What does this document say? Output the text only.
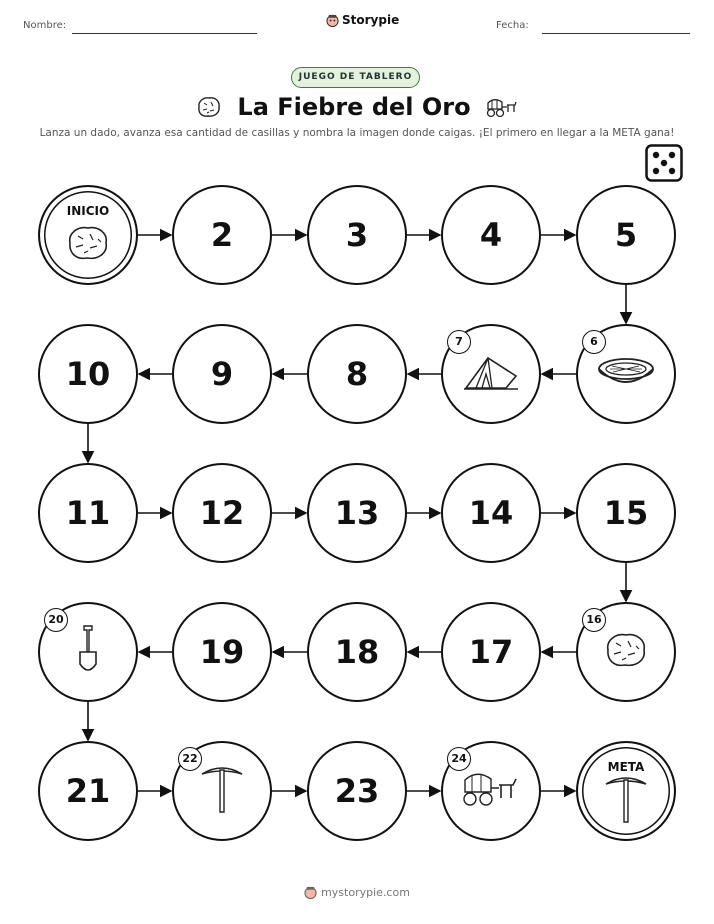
Nombre:	Storypie	Fecha:
JUEGO DE TABLERO
La Fiebre del Oro
Lanza un dado, avanza esa cantidad de casillas y nombra la imagen donde caigas. ¡El primero en llegar a la META gana!
INICIO
2	3	4	5
6
7
8
9
10
11	12	13	14	15
16
17
18
19
20
21
22
23
24
META
mystorypie.com
